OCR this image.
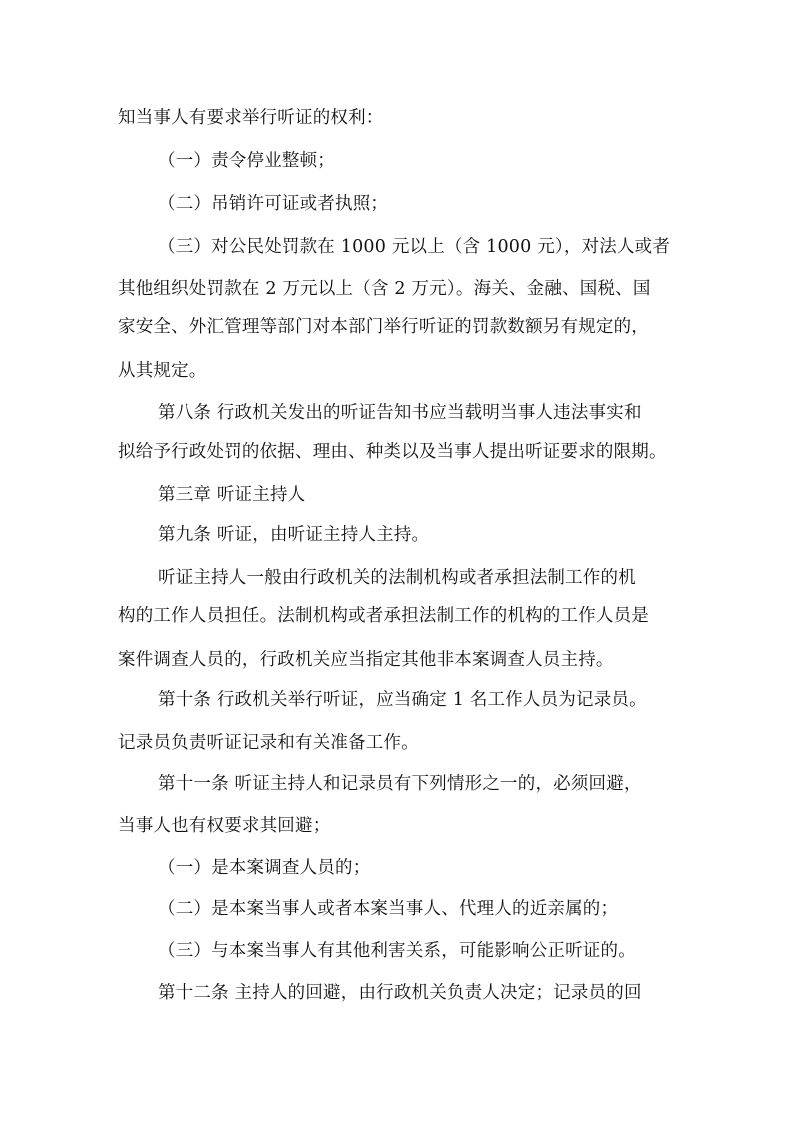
知当事人有要求举行听证的权利：
（一）责令停业整顿；
（二）吊销许可证或者执照；
（三）对公民处罚款在 1000 元以上（含 1000 元），对法人或者
其他组织处罚款在 2 万元以上（含 2 万元）。海关、金融、国税、国
家安全、外汇管理等部门对本部门举行听证的罚款数额另有规定的，
从其规定。
第八条 行政机关发出的听证告知书应当载明当事人违法事实和
拟给予行政处罚的依据、理由、种类以及当事人提出听证要求的限期。
第三章 听证主持人
第九条 听证，由听证主持人主持。
听证主持人一般由行政机关的法制机构或者承担法制工作的机
构的工作人员担任。法制机构或者承担法制工作的机构的工作人员是
案件调查人员的，行政机关应当指定其他非本案调查人员主持。
第十条 行政机关举行听证，应当确定 1 名工作人员为记录员。
记录员负责听证记录和有关准备工作。
第十一条 听证主持人和记录员有下列情形之一的，必须回避，
当事人也有权要求其回避；
（一）是本案调查人员的；
（二）是本案当事人或者本案当事人、代理人的近亲属的；
（三）与本案当事人有其他利害关系，可能影响公正听证的。
第十二条 主持人的回避，由行政机关负责人决定；记录员的回
